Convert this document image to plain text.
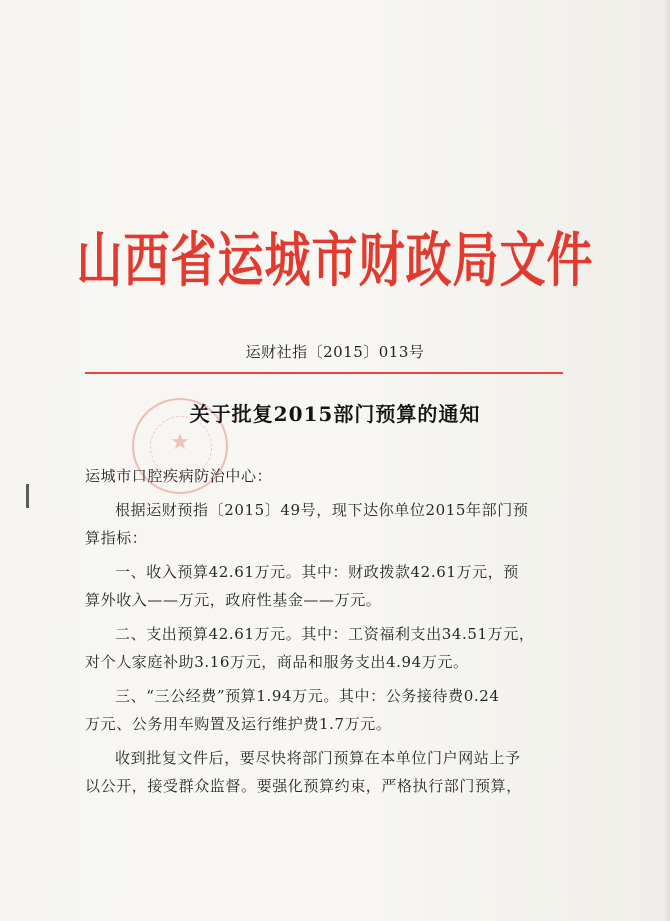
山西省运城市财政局文件
运财社指〔2015〕013号
★
关于批复2015部门预算的通知
运城市口腔疾病防治中心：
根据运财预指〔2015〕49号，现下达你单位2015年部门预
算指标：
一、收入预算42.61万元。其中：财政拨款42.61万元，预
算外收入——万元，政府性基金——万元。
二、支出预算42.61万元。其中：工资福利支出34.51万元，
对个人家庭补助3.16万元，商品和服务支出4.94万元。
三、“三公经费”预算1.94万元。其中：公务接待费0.24
万元、公务用车购置及运行维护费1.7万元。
收到批复文件后，要尽快将部门预算在本单位门户网站上予
以公开，接受群众监督。要强化预算约束，严格执行部门预算，
